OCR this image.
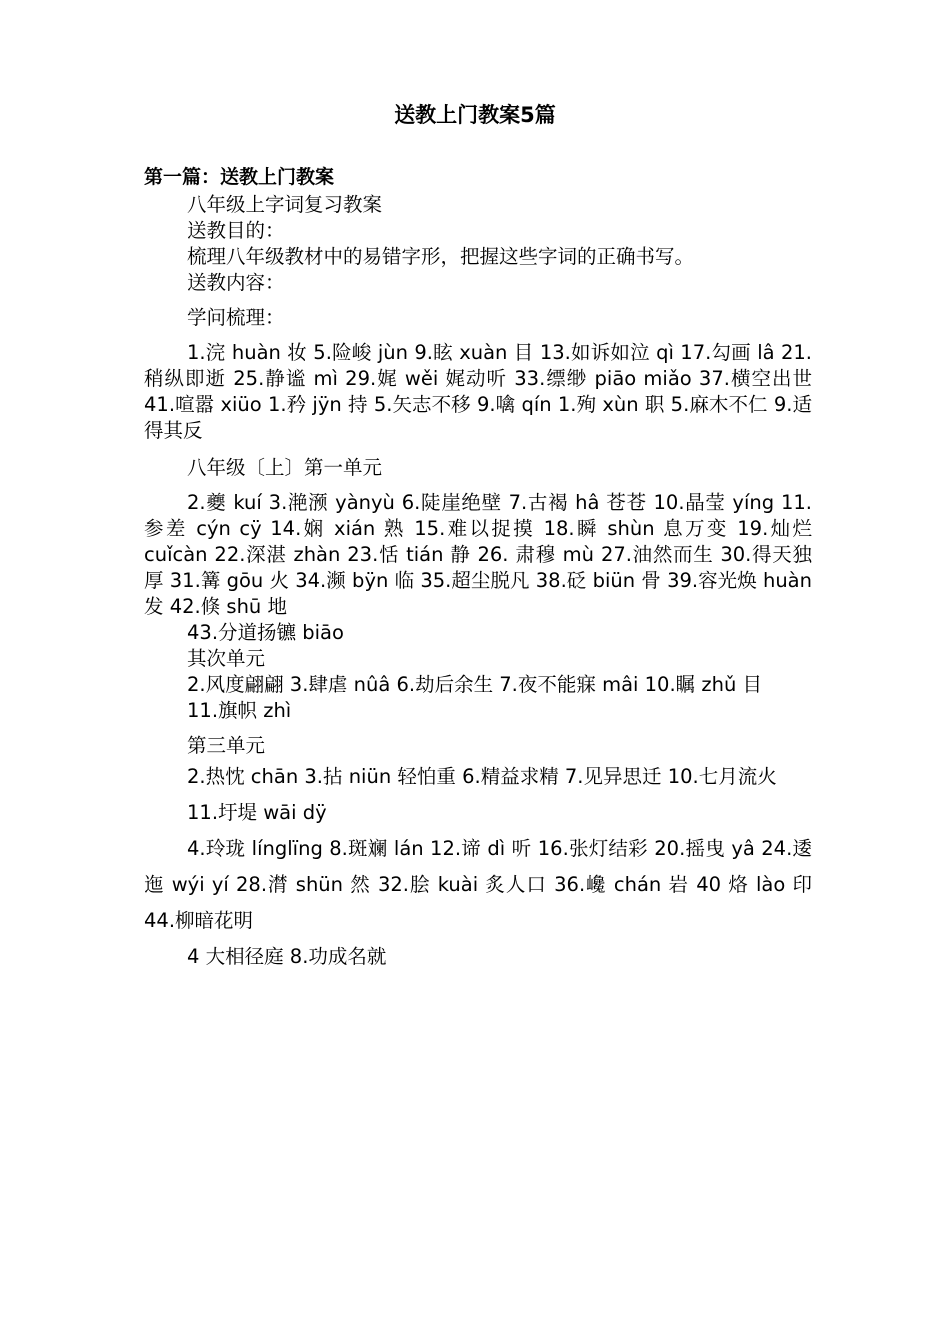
送教上门教案5篇
第一篇：送教上门教案

八年级上字词复习教案

送教目的：

梳理八年级教材中的易错字形，把握这些字词的正确书写。

送教内容：

学问梳理：

1.浣 huàn 妆 5.险峻 jùn 9.眩 xuàn 目 13.如诉如泣 qì 17.勾画 lâ 21.稍纵即逝 25.静谧 mì 29.娓 wěi 娓动听 33.缥缈 piāo miǎo 37.横空出世 41.喧嚣 xiüo 1.矜 jÿn 持 5.矢志不移 9.噙 qín 1.殉 xùn 职 5.麻木不仁 9.适得其反

八年级〔上〕第一单元

2.夔 kuí 3.滟滪 yànyù 6.陡崖绝壁 7.古褐 hâ 苍苍 10.晶莹 yíng 11. 参差 cýn cÿ 14.娴 xián 熟 15.难以捉摸 18.瞬 shùn 息万变 19.灿烂 cuǐcàn 22.深湛 zhàn 23.恬 tián 静 26. 肃穆 mù 27.油然而生 30.得天独厚 31.篝 gōu 火 34.濒 bÿn 临 35.超尘脱凡 38.砭 biün 骨 39.容光焕 huàn 发 42.倏 shū 地

43.分道扬镳 biāo

其次单元

2.风度翩翩 3.肆虐 nûâ 6.劫后余生 7.夜不能寐 mâi 10.瞩 zhǔ 目

11.旗帜 zhì

第三单元

2.热忱 chān 3.拈 niün 轻怕重 6.精益求精 7.见异思迁 10.七月流火

11.圩堤 wāi dÿ

4.玲珑 línglïng 8.斑斓 lán 12.谛 dì 听 16.张灯结彩 20.摇曳 yâ 24.逶迤 wýi yí 28.潸 shün 然 32.脍 kuài 炙人口 36.巉 chán 岩 40 烙 lào 印 44.柳暗花明

4 大相径庭 8.功成名就
